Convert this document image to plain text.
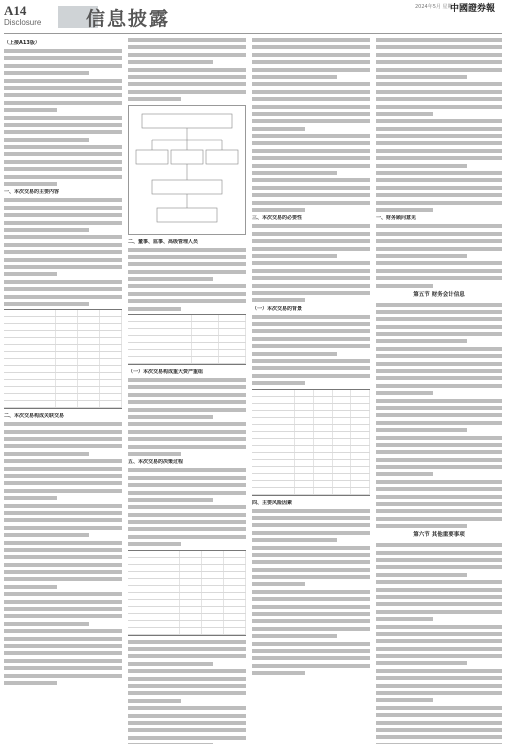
A14
Disclosure 信息披露
2024年5月 星期二
中國證券報
（上接A13版）
一、本次交易的主要内容
二、本次交易构成关联交易
二、董事、监事、高级管理人员
（一）本次交易构成重大资产重组
五、本次交易的决策过程
三、本次交易的必要性
（一）本次交易的背景
四、主要风险因素
一、财务顾问意见
第五节 财务会计信息
第六节 其他重要事项
